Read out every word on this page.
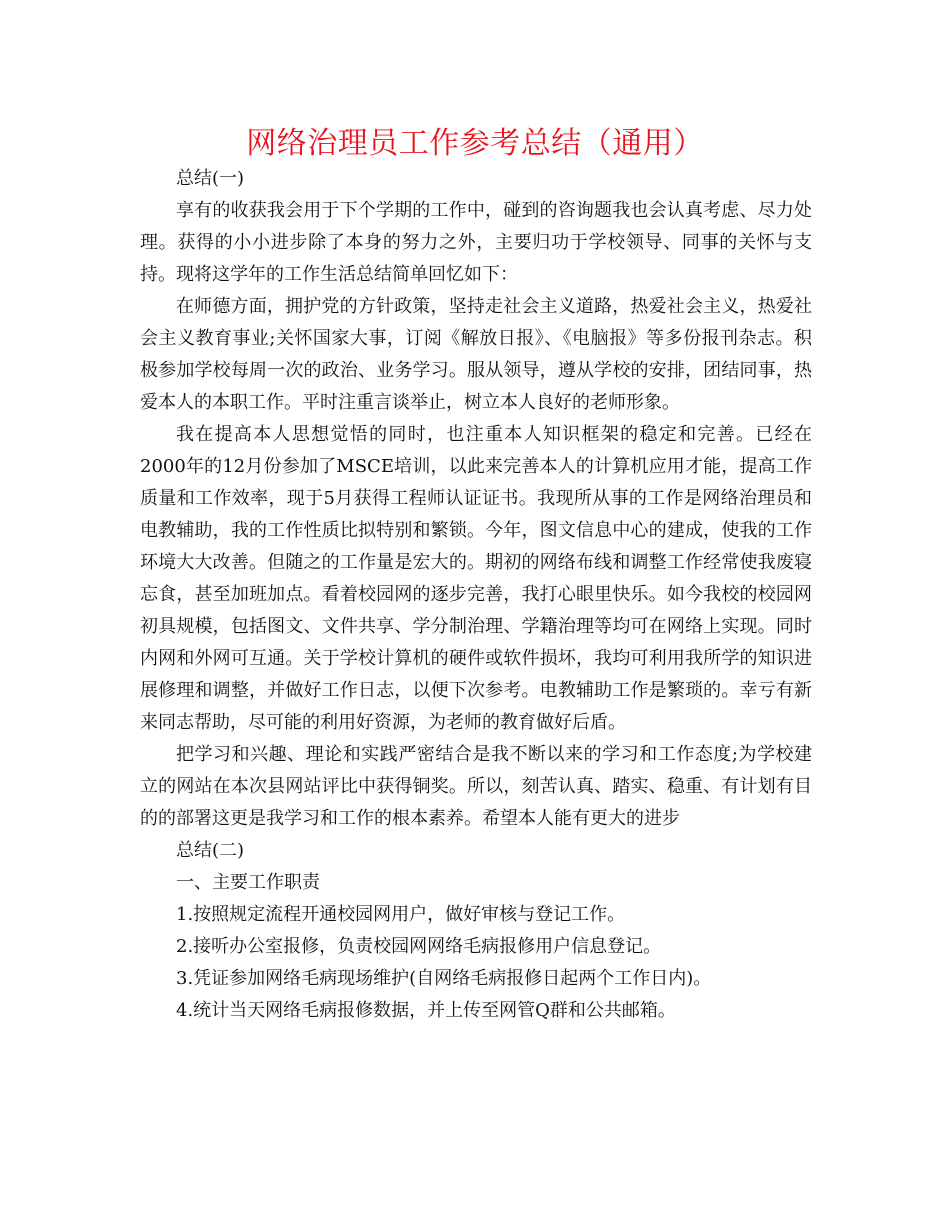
网络治理员工作参考总结（通用）

总结(一)

享有的收获我会用于下个学期的工作中，碰到的咨询题我也会认真考虑、尽力处理。获得的小小进步除了本身的努力之外，主要归功于学校领导、同事的关怀与支持。现将这学年的工作生活总结简单回忆如下：

在师德方面，拥护党的方针政策，坚持走社会主义道路，热爱社会主义，热爱社会主义教育事业;关怀国家大事，订阅《解放日报》、《电脑报》等多份报刊杂志。积极参加学校每周一次的政治、业务学习。服从领导，遵从学校的安排，团结同事，热爱本人的本职工作。平时注重言谈举止，树立本人良好的老师形象。

我在提高本人思想觉悟的同时，也注重本人知识框架的稳定和完善。已经在2000年的12月份参加了MSCE培训，以此来完善本人的计算机应用才能，提高工作质量和工作效率，现于5月获得工程师认证证书。我现所从事的工作是网络治理员和电教辅助，我的工作性质比拟特别和繁锁。今年，图文信息中心的建成，使我的工作环境大大改善。但随之的工作量是宏大的。期初的网络布线和调整工作经常使我废寝忘食，甚至加班加点。看着校园网的逐步完善，我打心眼里快乐。如今我校的校园网初具规模，包括图文、文件共享、学分制治理、学籍治理等均可在网络上实现。同时内网和外网可互通。关于学校计算机的硬件或软件损坏，我均可利用我所学的知识进展修理和调整，并做好工作日志，以便下次参考。电教辅助工作是繁琐的。幸亏有新来同志帮助，尽可能的利用好资源，为老师的教育做好后盾。

把学习和兴趣、理论和实践严密结合是我不断以来的学习和工作态度;为学校建立的网站在本次县网站评比中获得铜奖。所以，刻苦认真、踏实、稳重、有计划有目的的部署这更是我学习和工作的根本素养。希望本人能有更大的进步

总结(二)

一、主要工作职责

1.按照规定流程开通校园网用户，做好审核与登记工作。

2.接听办公室报修，负责校园网网络毛病报修用户信息登记。

3.凭证参加网络毛病现场维护(自网络毛病报修日起两个工作日内)。

4.统计当天网络毛病报修数据，并上传至网管Q群和公共邮箱。
